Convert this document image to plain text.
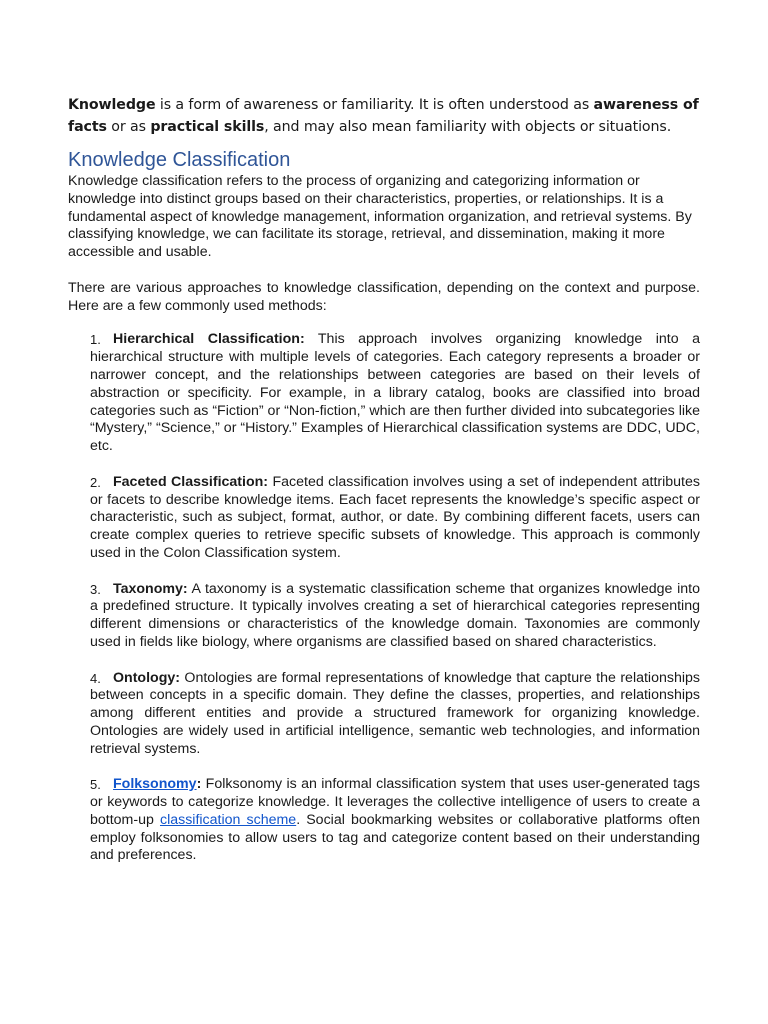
Knowledge is a form of awareness or familiarity. It is often understood as awareness of facts or as practical skills, and may also mean familiarity with objects or situations.

Knowledge Classification

Knowledge classification refers to the process of organizing and categorizing information or knowledge into distinct groups based on their characteristics, properties, or relationships. It is a fundamental aspect of knowledge management, information organization, and retrieval systems. By classifying knowledge, we can facilitate its storage, retrieval, and dissemination, making it more accessible and usable.

There are various approaches to knowledge classification, depending on the context and purpose. Here are a few commonly used methods:

1. Hierarchical Classification: This approach involves organizing knowledge into a hierarchical structure with multiple levels of categories. Each category represents a broader or narrower concept, and the relationships between categories are based on their levels of abstraction or specificity. For example, in a library catalog, books are classified into broad categories such as “Fiction” or “Non-fiction,” which are then further divided into subcategories like “Mystery,” “Science,” or “History.” Examples of Hierarchical classification systems are DDC, UDC, etc.
2. Faceted Classification: Faceted classification involves using a set of independent attributes or facets to describe knowledge items. Each facet represents the knowledge’s specific aspect or characteristic, such as subject, format, author, or date. By combining different facets, users can create complex queries to retrieve specific subsets of knowledge. This approach is commonly used in the Colon Classification system.
3. Taxonomy: A taxonomy is a systematic classification scheme that organizes knowledge into a predefined structure. It typically involves creating a set of hierarchical categories representing different dimensions or characteristics of the knowledge domain. Taxonomies are commonly used in fields like biology, where organisms are classified based on shared characteristics.
4. Ontology: Ontologies are formal representations of knowledge that capture the relationships between concepts in a specific domain. They define the classes, properties, and relationships among different entities and provide a structured framework for organizing knowledge. Ontologies are widely used in artificial intelligence, semantic web technologies, and information retrieval systems.
5. Folksonomy: Folksonomy is an informal classification system that uses user-generated tags or keywords to categorize knowledge. It leverages the collective intelligence of users to create a bottom-up classification scheme. Social bookmarking websites or collaborative platforms often employ folksonomies to allow users to tag and categorize content based on their understanding and preferences.
